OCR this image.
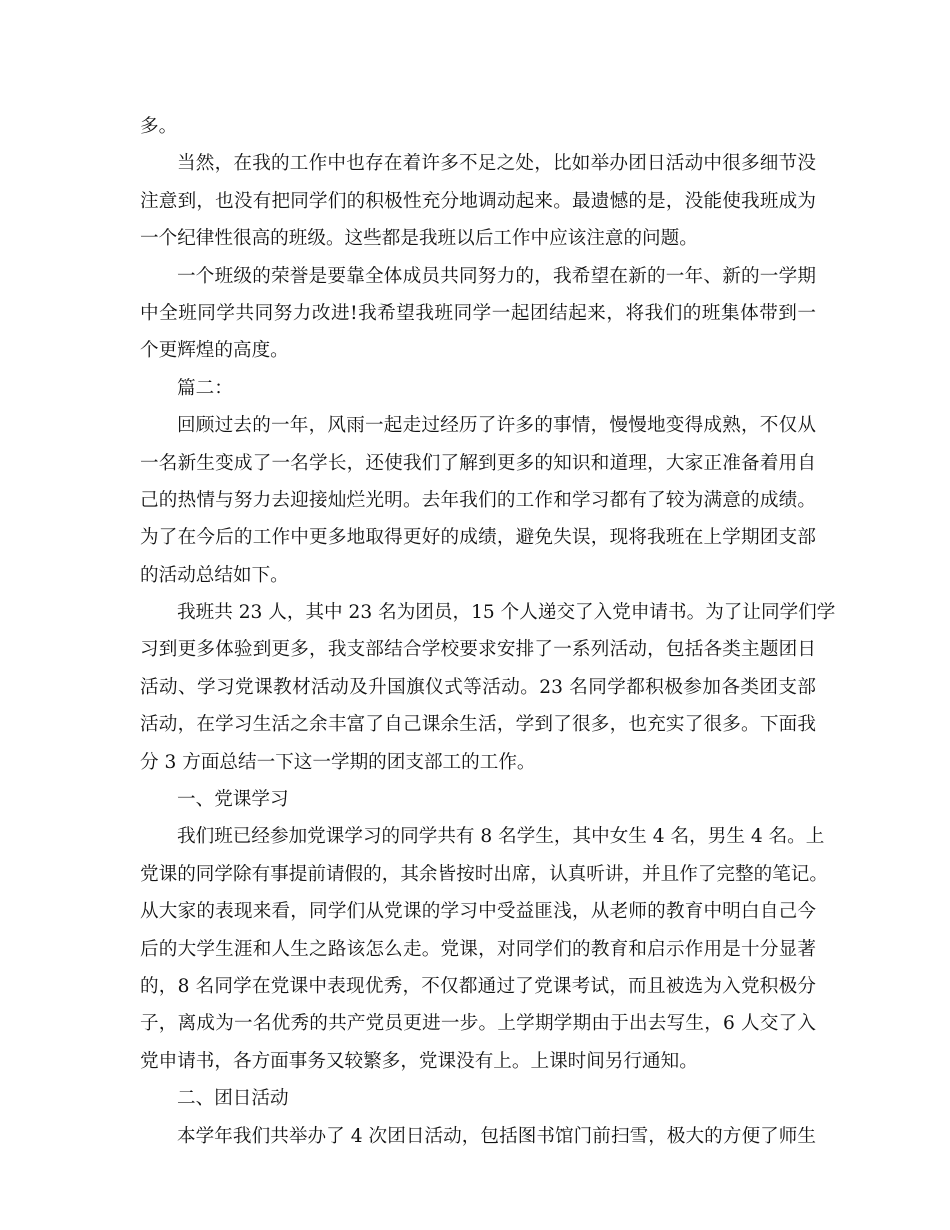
多。
当然，在我的工作中也存在着许多不足之处，比如举办团日活动中很多细节没
注意到，也没有把同学们的积极性充分地调动起来。最遗憾的是，没能使我班成为
一个纪律性很高的班级。这些都是我班以后工作中应该注意的问题。
一个班级的荣誉是要靠全体成员共同努力的，我希望在新的一年、新的一学期
中全班同学共同努力改进!我希望我班同学一起团结起来，将我们的班集体带到一
个更辉煌的高度。
篇二：
回顾过去的一年，风雨一起走过经历了许多的事情，慢慢地变得成熟，不仅从
一名新生变成了一名学长，还使我们了解到更多的知识和道理，大家正准备着用自
己的热情与努力去迎接灿烂光明。去年我们的工作和学习都有了较为满意的成绩。
为了在今后的工作中更多地取得更好的成绩，避免失误，现将我班在上学期团支部
的活动总结如下。
我班共 23 人，其中 23 名为团员，15 个人递交了入党申请书。为了让同学们学
习到更多体验到更多，我支部结合学校要求安排了一系列活动，包括各类主题团日
活动、学习党课教材活动及升国旗仪式等活动。23 名同学都积极参加各类团支部
活动，在学习生活之余丰富了自己课余生活，学到了很多，也充实了很多。下面我
分 3 方面总结一下这一学期的团支部工的工作。
一、党课学习
我们班已经参加党课学习的同学共有 8 名学生，其中女生 4 名，男生 4 名。上
党课的同学除有事提前请假的，其余皆按时出席，认真听讲，并且作了完整的笔记。
从大家的表现来看，同学们从党课的学习中受益匪浅，从老师的教育中明白自己今
后的大学生涯和人生之路该怎么走。党课，对同学们的教育和启示作用是十分显著
的，8 名同学在党课中表现优秀，不仅都通过了党课考试，而且被选为入党积极分
子，离成为一名优秀的共产党员更进一步。上学期学期由于出去写生，6 人交了入
党申请书，各方面事务又较繁多，党课没有上。上课时间另行通知。
二、团日活动
本学年我们共举办了 4 次团日活动，包括图书馆门前扫雪，极大的方便了师生
